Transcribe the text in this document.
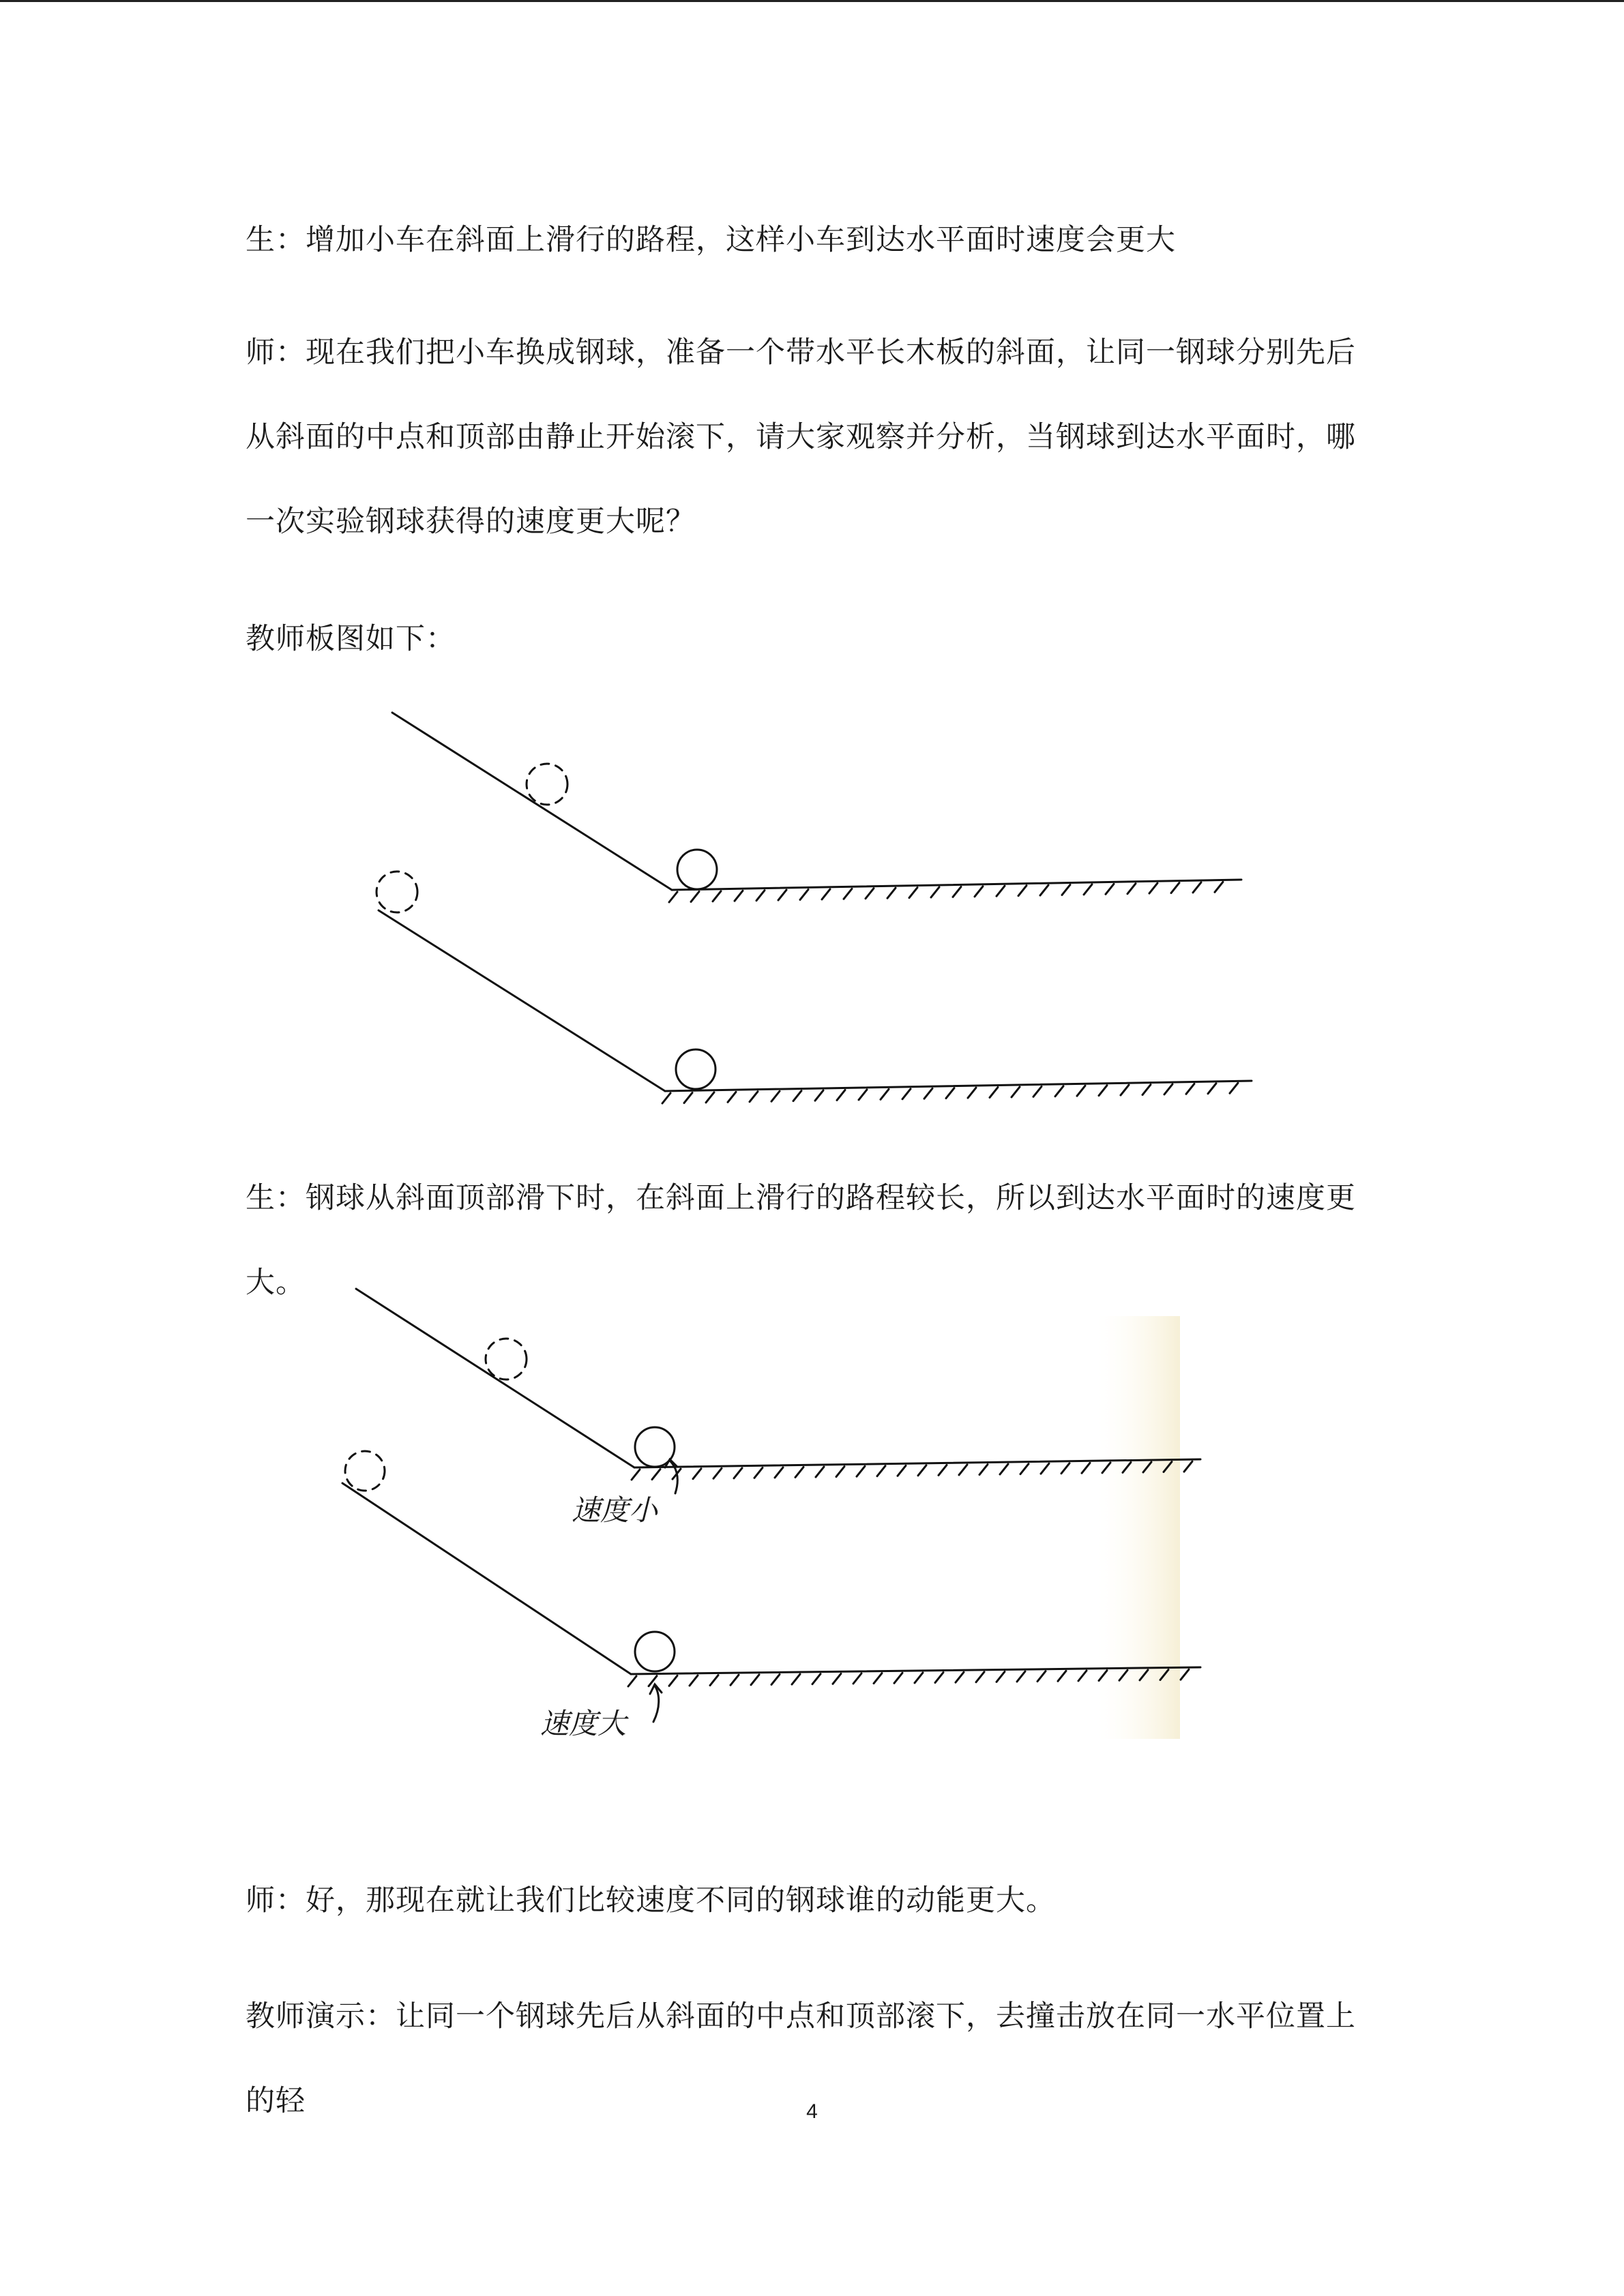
生：增加小车在斜面上滑行的路程，这样小车到达水平面时速度会更大

师：现在我们把小车换成钢球，准备一个带水平长木板的斜面，让同一钢球分别先后从斜面的中点和顶部由静止开始滚下，请大家观察并分析，当钢球到达水平面时，哪一次实验钢球获得的速度更大呢？

教师板图如下：

生：钢球从斜面顶部滑下时，在斜面上滑行的路程较长，所以到达水平面时的速度更大。

速度小
速度大

师：好，那现在就让我们比较速度不同的钢球谁的动能更大。

教师演示：让同一个钢球先后从斜面的中点和顶部滚下，去撞击放在同一水平位置上的轻	4
